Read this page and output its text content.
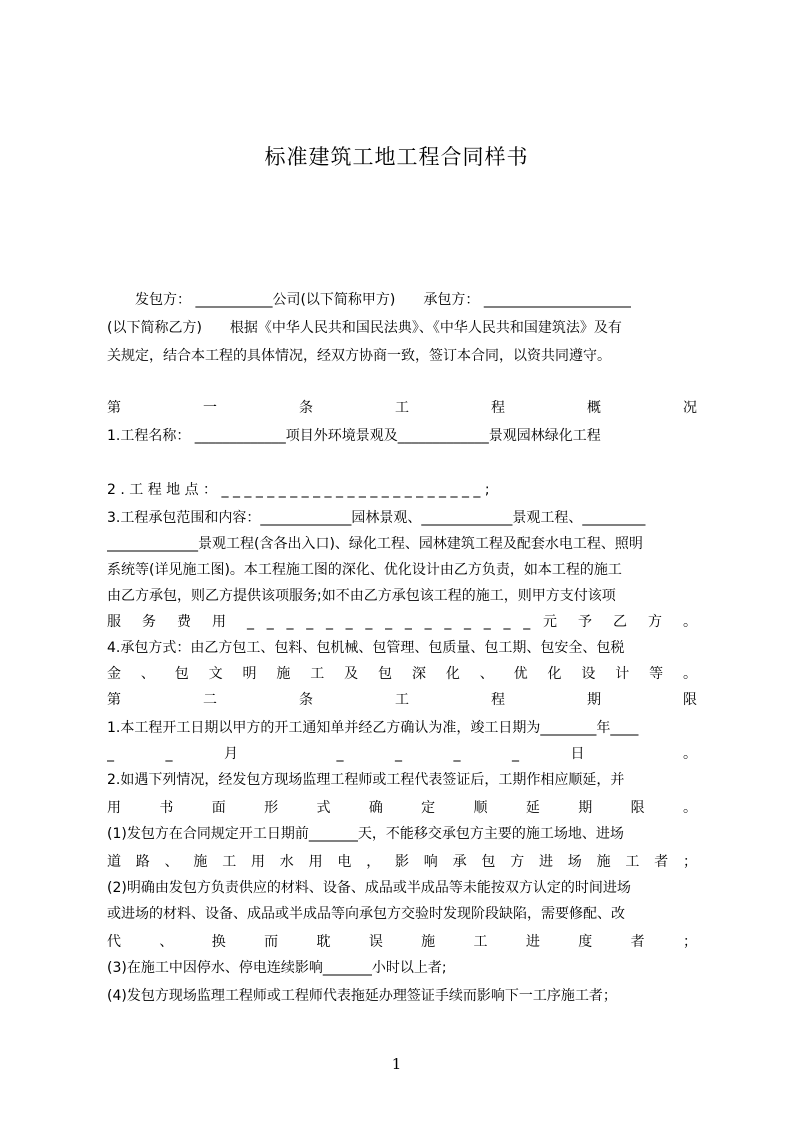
标准建筑工地工程合同样书
　　发包方： ___________公司(以下简称甲方)　　承包方： _____________________
(以下简称乙方)　　根据《中华人民共和国民法典》、《中华人民共和国建筑法》及有
关规定，结合本工程的具体情况，经双方协商一致，签订本合同，以资共同遵守。
第 一 条 工 程 概 况
1.工程名称： _____________项目外环境景观及_____________景观园林绿化工程
2 . 工 程 地 点 ： _ _ _ _ _ _ _ _ _ _ _ _ _ _ _ _ _ _ _ _ _ _ _ ;
3.工程承包范围和内容：_____________园林景观、_____________景观工程、_________
_____________景观工程(含各出入口)、绿化工程、园林建筑工程及配套水电工程、照明
系统等(详见施工图)。本工程施工图的深化、优化设计由乙方负责，如本工程的施工
由乙方承包，则乙方提供该项服务;如不由乙方承包该工程的施工，则甲方支付该项
服 务 费 用 _ _ _ _ _ _ _ _ _ _ _ _ _ _ _ 元 予 乙 方 。
4.承包方式：由乙方包工、包料、包机械、包管理、包质量、包工期、包安全、包税
金 、 包 文 明 施 工 及 包 深 化 、 优 化 设 计 等 。
第 二 条 工 程 期 限
1.本工程开工日期以甲方的开工通知单并经乙方确认为准，竣工日期为________年____
_ _ 月 _ _ _ _ 日 。
2.如遇下列情况，经发包方现场监理工程师或工程代表签证后，工期作相应顺延，并
用 书 面 形 式 确 定 顺 延 期 限 。
(1)发包方在合同规定开工日期前_______天，不能移交承包方主要的施工场地、进场
道 路 、 施 工 用 水 用 电 ， 影 响 承 包 方 进 场 施 工 者 ；
(2)明确由发包方负责供应的材料、设备、成品或半成品等未能按双方认定的时间进场
或进场的材料、设备、成品或半成品等向承包方交验时发现阶段缺陷，需要修配、改
代 、 换 而 耽 误 施 工 进 度 者 ；
(3)在施工中因停水、停电连续影响_______小时以上者;
(4)发包方现场监理工程师或工程师代表拖延办理签证手续而影响下一工序施工者；
1
